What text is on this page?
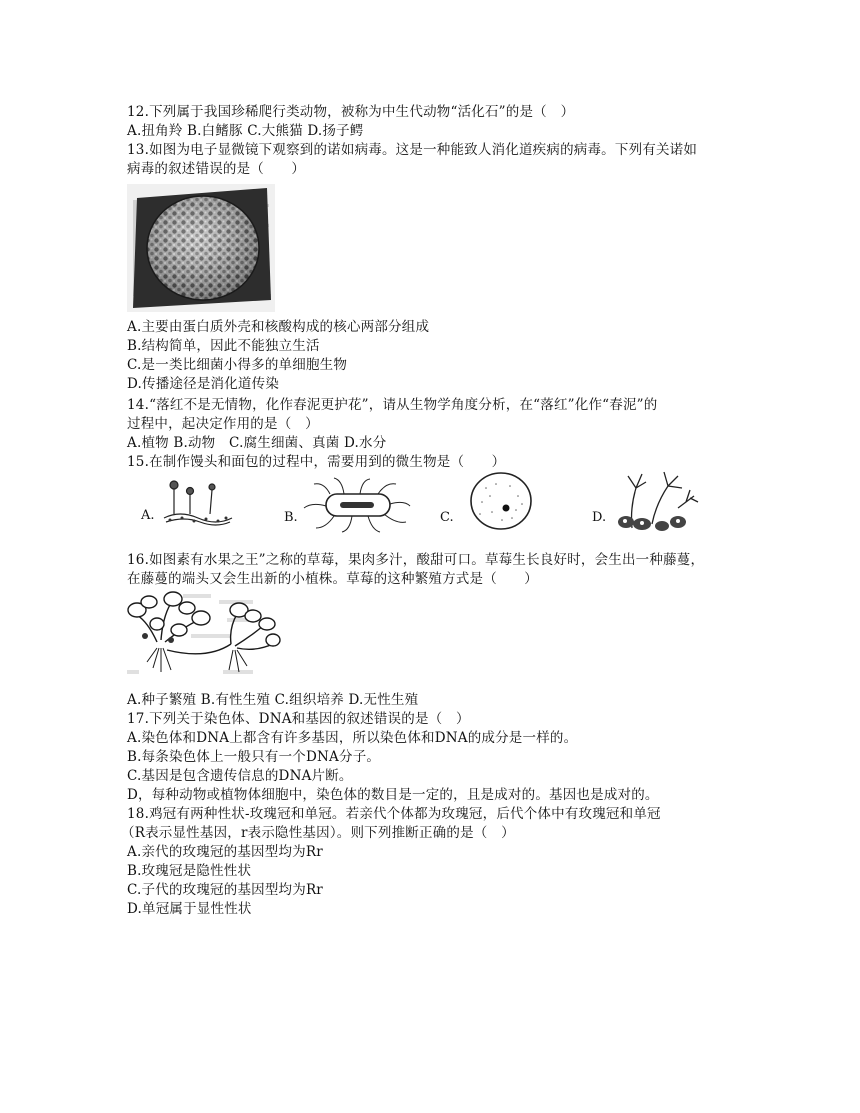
12.下列属于我国珍稀爬行类动物，被称为中生代动物“活化石”的是（　）
A.扭角羚 B.白鳍豚 C.大熊猫 D.扬子鳄
13.如图为电子显微镜下观察到的诺如病毒。这是一种能致人消化道疾病的病毒。下列有关诺如
病毒的叙述错误的是（　　）
A.主要由蛋白质外壳和核酸构成的核心两部分组成
B.结构简单，因此不能独立生活
C.是一类比细菌小得多的单细胞生物
D.传播途径是消化道传染
14.“落红不是无情物，化作春泥更护花”，请从生物学角度分析，在“落红”化作“春泥”的
过程中，起决定作用的是（　）
A.植物 B.动物　C.腐生细菌、真菌 D.水分
15.在制作馒头和面包的过程中，需要用到的微生物是（　　）
A.	B.	C.	D.
16.如图素有水果之王”之称的草莓，果肉多汁，酸甜可口。草莓生长良好时，会生出一种藤蔓，
在藤蔓的端头又会生出新的小植株。草莓的这种繁殖方式是（　　）
A.种子繁殖 B.有性生殖 C.组织培养 D.无性生殖
17.下列关于染色体、DNA和基因的叙述错误的是（　）
A.染色体和DNA上都含有许多基因，所以染色体和DNA的成分是一样的。
B.每条染色体上一般只有一个DNA分子。
C.基因是包含遗传信息的DNA片断。
D，每种动物或植物体细胞中，染色体的数目是一定的，且是成对的。基因也是成对的。
18.鸡冠有两种性状-玫瑰冠和单冠。若亲代个体都为玫瑰冠，后代个体中有玫瑰冠和单冠
（R表示显性基因，r表示隐性基因）。则下列推断正确的是（　）
A.亲代的玫瑰冠的基因型均为Rr
B.玫瑰冠是隐性性状
C.子代的玫瑰冠的基因型均为Rr
D.单冠属于显性性状
